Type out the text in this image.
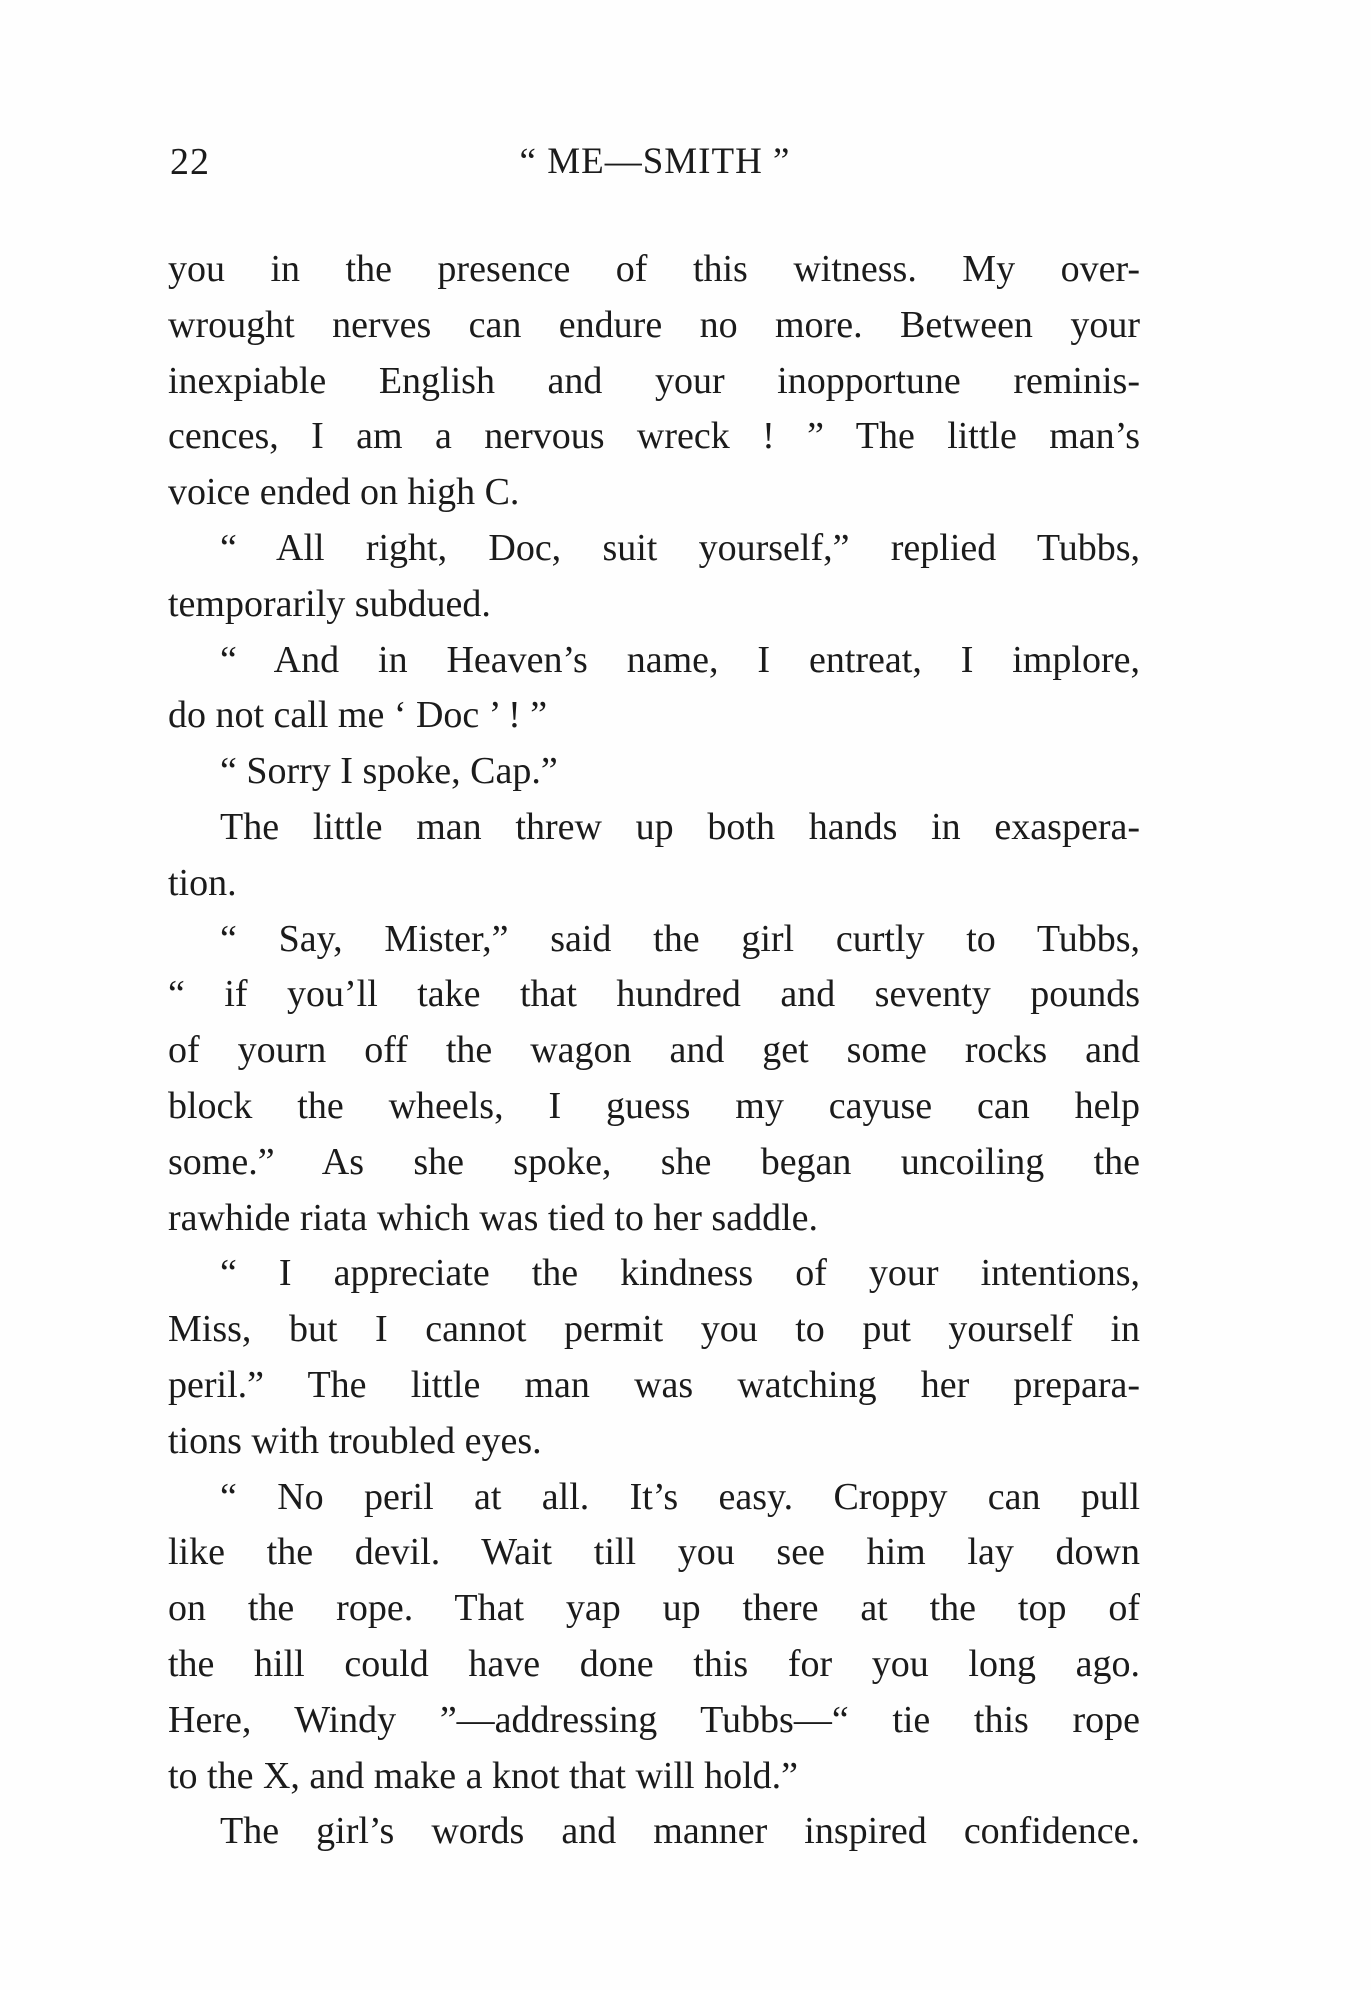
22	“ ME—SMITH ”
you in the presence of this witness. My over-
wrought nerves can endure no more. Between your
inexpiable English and your inopportune reminis-
cences, I am a nervous wreck ! ” The little man’s
voice ended on high C.
“ All right, Doc, suit yourself,” replied Tubbs,
temporarily subdued.
“ And in Heaven’s name, I entreat, I implore,
do not call me ‘ Doc ’ ! ”
“ Sorry I spoke, Cap.”
The little man threw up both hands in exaspera-
tion.
“ Say, Mister,” said the girl curtly to Tubbs,
“ if you’ll take that hundred and seventy pounds
of yourn off the wagon and get some rocks and
block the wheels, I guess my cayuse can help
some.” As she spoke, she began uncoiling the
rawhide riata which was tied to her saddle.
“ I appreciate the kindness of your intentions,
Miss, but I cannot permit you to put yourself in
peril.” The little man was watching her prepara-
tions with troubled eyes.
“ No peril at all. It’s easy. Croppy can pull
like the devil. Wait till you see him lay down
on the rope. That yap up there at the top of
the hill could have done this for you long ago.
Here, Windy ”—addressing Tubbs—“ tie this rope
to the X, and make a knot that will hold.”
The girl’s words and manner inspired confidence.
